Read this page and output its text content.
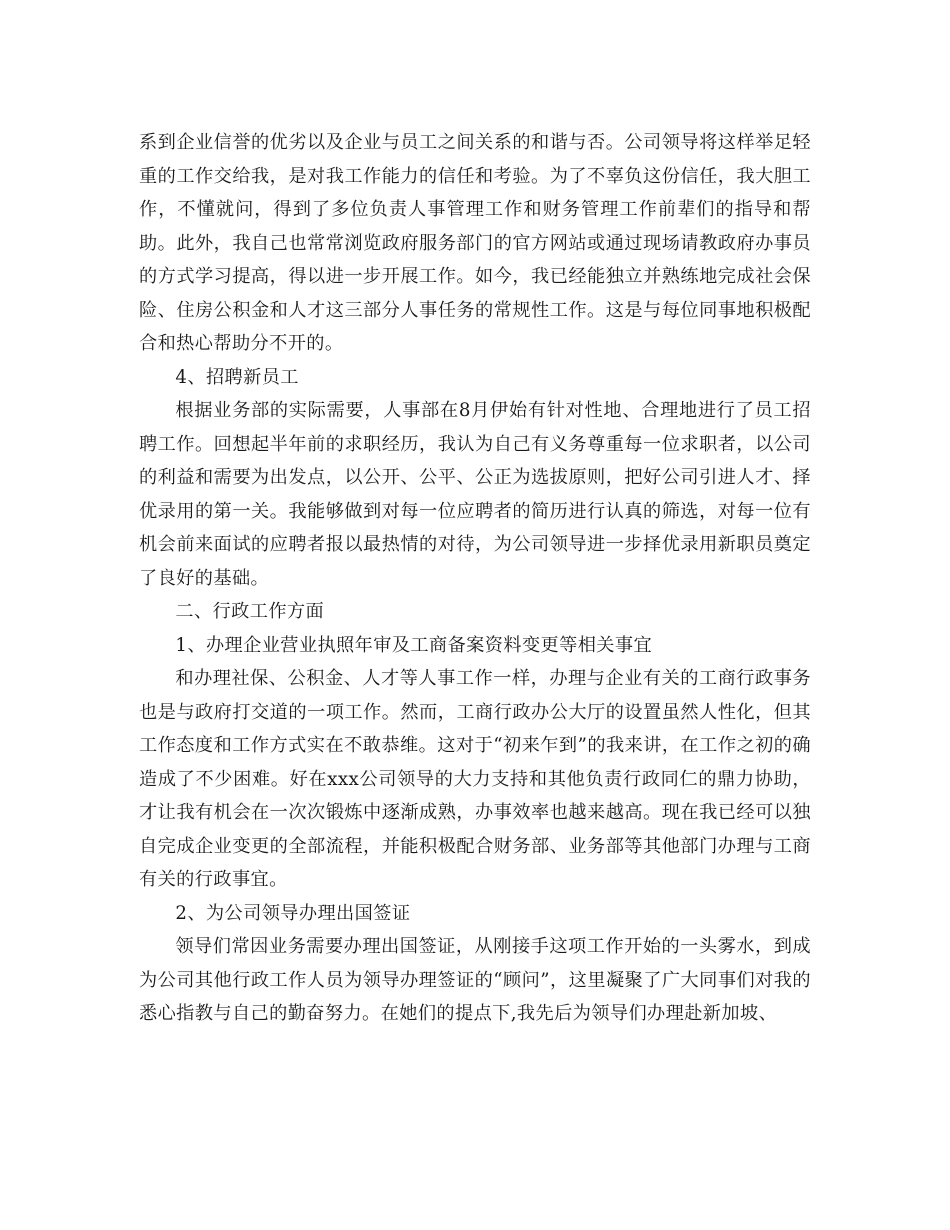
系到企业信誉的优劣以及企业与员工之间关系的和谐与否。公司领导将这样举足轻重的工作交给我，是对我工作能力的信任和考验。为了不辜负这份信任，我大胆工作，不懂就问，得到了多位负责人事管理工作和财务管理工作前辈们的指导和帮助。此外，我自己也常常浏览政府服务部门的官方网站或通过现场请教政府办事员的方式学习提高，得以进一步开展工作。如今，我已经能独立并熟练地完成社会保险、住房公积金和人才这三部分人事任务的常规性工作。这是与每位同事地积极配合和热心帮助分不开的。

4、招聘新员工

根据业务部的实际需要，人事部在8月伊始有针对性地、合理地进行了员工招聘工作。回想起半年前的求职经历，我认为自己有义务尊重每一位求职者，以公司的利益和需要为出发点，以公开、公平、公正为选拔原则，把好公司引进人才、择优录用的第一关。我能够做到对每一位应聘者的简历进行认真的筛选，对每一位有机会前来面试的应聘者报以最热情的对待，为公司领导进一步择优录用新职员奠定了良好的基础。

二、行政工作方面

1、办理企业营业执照年审及工商备案资料变更等相关事宜

和办理社保、公积金、人才等人事工作一样，办理与企业有关的工商行政事务也是与政府打交道的一项工作。然而，工商行政办公大厅的设置虽然人性化，但其工作态度和工作方式实在不敢恭维。这对于“初来乍到”的我来讲，在工作之初的确造成了不少困难。好在xxx公司领导的大力支持和其他负责行政同仁的鼎力协助，才让我有机会在一次次锻炼中逐渐成熟，办事效率也越来越高。现在我已经可以独自完成企业变更的全部流程，并能积极配合财务部、业务部等其他部门办理与工商有关的行政事宜。

2、为公司领导办理出国签证

领导们常因业务需要办理出国签证，从刚接手这项工作开始的一头雾水，到成为公司其他行政工作人员为领导办理签证的“顾问”，这里凝聚了广大同事们对我的悉心指教与自己的勤奋努力。在她们的提点下,我先后为领导们办理赴新加坡、
